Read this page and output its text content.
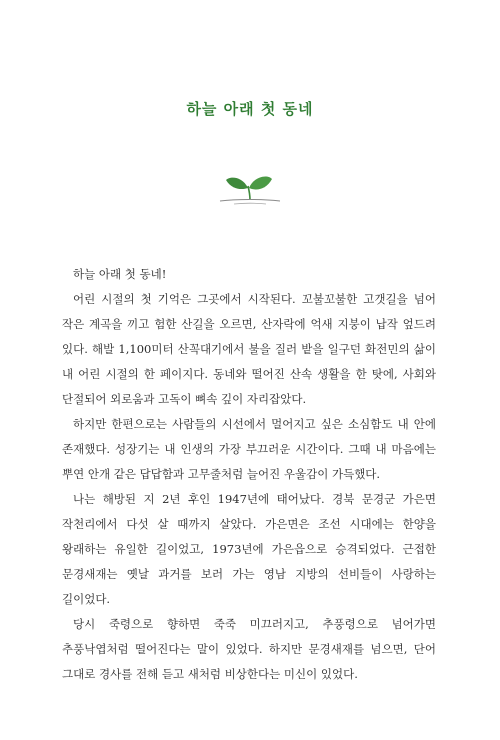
하늘 아래 첫 동네

하늘 아래 첫 동네!

어린 시절의 첫 기억은 그곳에서 시작된다. 꼬불꼬불한 고갯길을 넘어 작은 계곡을 끼고 험한 산길을 오르면, 산자락에 억새 지붕이 납작 엎드려 있다. 해발 1,100미터 산꼭대기에서 불을 질러 밭을 일구던 화전민의 삶이 내 어린 시절의 한 페이지다. 동네와 떨어진 산속 생활을 한 탓에, 사회와 단절되어 외로움과 고독이 뼈속 깊이 자리잡았다.

하지만 한편으로는 사람들의 시선에서 멀어지고 싶은 소심함도 내 안에 존재했다. 성장기는 내 인생의 가장 부끄러운 시간이다. 그때 내 마음에는 뿌연 안개 같은 답답함과 고무줄처럼 늘어진 우울감이 가득했다.

나는 해방된 지 2년 후인 1947년에 태어났다. 경북 문경군 가은면 작천리에서 다섯 살 때까지 살았다. 가은면은 조선 시대에는 한양을 왕래하는 유일한 길이었고, 1973년에 가은읍으로 승격되었다. 근접한 문경새재는 옛날 과거를 보러 가는 영남 지방의 선비들이 사랑하는 길이었다.

당시 죽령으로 향하면 죽죽 미끄러지고, 추풍령으로 넘어가면 추풍낙엽처럼 떨어진다는 말이 있었다. 하지만 문경새재를 넘으면, 단어 그대로 경사를 전해 듣고 새처럼 비상한다는 미신이 있었다.
